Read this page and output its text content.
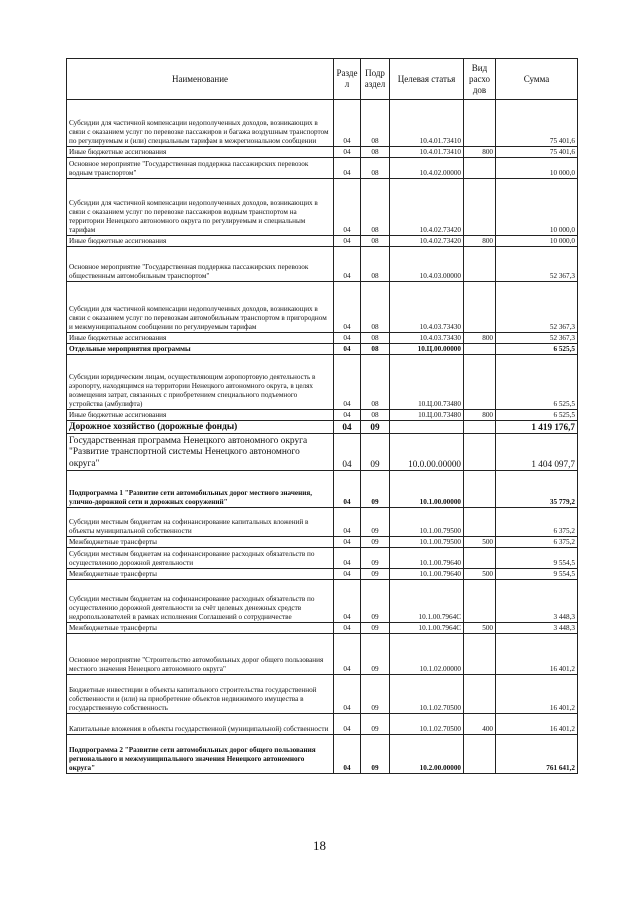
Наименование	Разде л	Подр аздел	Целевая статья	Вид расхо дов	Сумма
Субсидии для частичной компенсации недополученных доходов, возникающих в связи с оказанием услуг по перевозке пассажиров и багажа воздушным транспортом по регулируемым и (или) специальным тарифам в межрегиональном сообщении	04	08	10.4.01.73410		75 401,6
Иные бюджетные ассигнования	04	08	10.4.01.73410	800	75 401,6
Основное мероприятие "Государственная поддержка пассажирских перевозок водным транспортом"	04	08	10.4.02.00000		10 000,0
Субсидии для частичной компенсации недополученных доходов, возникающих в связи с оказанием услуг по перевозке пассажиров водным транспортом на территории Ненецкого автономного округа по регулируемым и специальным тарифам	04	08	10.4.02.73420		10 000,0
Иные бюджетные ассигнования	04	08	10.4.02.73420	800	10 000,0
Основное мероприятие "Государственная поддержка пассажирских перевозок общественным автомобильным транспортом"	04	08	10.4.03.00000		52 367,3
Субсидии для частичной компенсации недополученных доходов, возникающих в связи с оказанием услуг по перевозкам автомобильным транспортом в пригородном и межмуниципальном сообщении по регулируемым тарифам	04	08	10.4.03.73430		52 367,3
Иные бюджетные ассигнования	04	08	10.4.03.73430	800	52 367,3
Отдельные мероприятия программы	04	08	10.Ц.00.00000		6 525,5
Субсидии юридическим лицам, осуществляющим аэропортовую деятельность в аэропорту, находящимся на территории Ненецкого автономного округа, в целях возмещения затрат, связанных с приобретением специального подъемного устройства (амбулифта)	04	08	10.Ц.00.73480		6 525,5
Иные бюджетные ассигнования	04	08	10.Ц.00.73480	800	6 525,5
Дорожное хозяйство (дорожные фонды)	04	09			1 419 176,7
Государственная программа Ненецкого автономного округа "Развитие транспортной системы Ненецкого автономного округа"	04	09	10.0.00.00000		1 404 097,7
Подпрограмма 1 "Развитие сети автомобильных дорог местного значения, улично-дорожной сети и дорожных сооружений"	04	09	10.1.00.00000		35 779,2
Субсидии местным бюджетам на софинансирование капитальных вложений в объекты муниципальной собственности	04	09	10.1.00.79500		6 375,2
Межбюджетные трансферты	04	09	10.1.00.79500	500	6 375,2
Субсидии местным бюджетам на софинансирование расходных обязательств по осуществлению дорожной деятельности	04	09	10.1.00.79640		9 554,5
Межбюджетные трансферты	04	09	10.1.00.79640	500	9 554,5
Субсидии местным бюджетам на софинансирование расходных обязательств по осуществлению дорожной деятельности за счёт целевых денежных средств недропользователей в рамках исполнения Соглашений о сотрудничестве	04	09	10.1.00.7964С		3 448,3
Межбюджетные трансферты	04	09	10.1.00.7964С	500	3 448,3
Основное мероприятие "Строительство автомобильных дорог общего пользования местного значения Ненецкого автономного округа"	04	09	10.1.02.00000		16 401,2
Бюджетные инвестиции в объекты капитального строительства государственной собственности и (или) на приобретение объектов недвижимого имущества в государственную собственность	04	09	10.1.02.70500		16 401,2
Капитальные вложения в объекты государственной (муниципальной) собственности	04	09	10.1.02.70500	400	16 401,2
Подпрограмма 2 "Развитие сети автомобильных дорог общего пользования регионального и межмуниципального значения Ненецкого автономного округа"	04	09	10.2.00.00000		761 641,2
18
